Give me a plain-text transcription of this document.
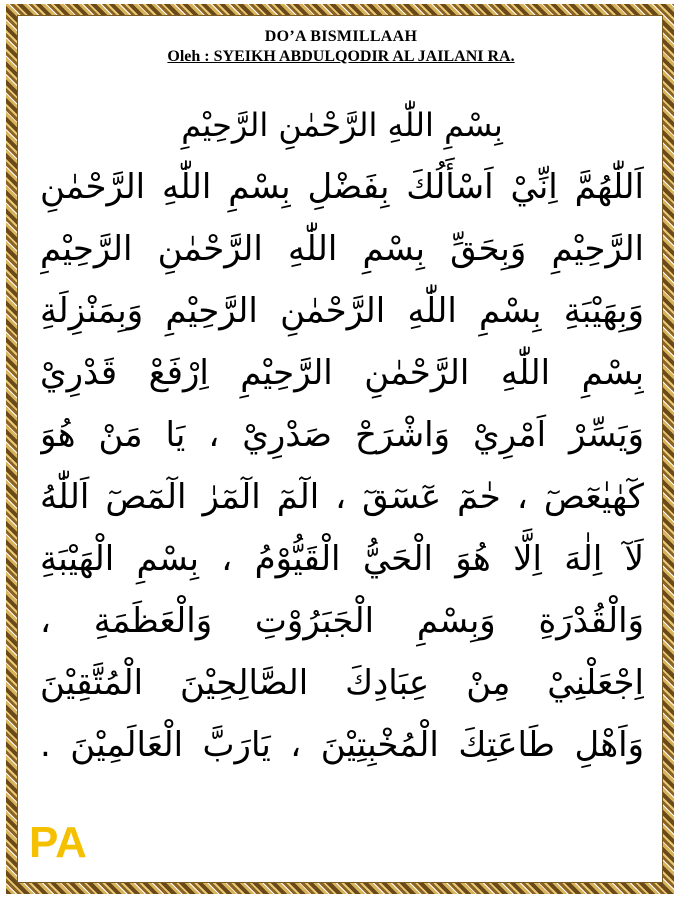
DO’A BISMILLAAH
Oleh : SYEIKH ABDULQODIR AL JAILANI RA.
بِسْمِ اللّٰهِ الرَّحْمٰنِ الرَّحِيْمِ
اَللّٰهُمَّ اِنِّيْ اَسْأَلُكَ بِفَضْلِ بِسْمِ اللّٰهِ الرَّحْمٰنِ
الرَّحِيْمِ وَبِحَقِّ بِسْمِ اللّٰهِ الرَّحْمٰنِ الرَّحِيْمِ
وَبِهَيْبَةِ بِسْمِ اللّٰهِ الرَّحْمٰنِ الرَّحِيْمِ وَبِمَنْزِلَةِ
بِسْمِ اللّٰهِ الرَّحْمٰنِ الرَّحِيْمِ اِرْفَعْ قَدْرِيْ
وَيَسِّرْ اَمْرِيْ وَاشْرَحْ صَدْرِيْ ، يَا مَنْ هُوَ
كٓهٰيٰعٓصٓ ، حٰمٓ عٓسٓقٓ ، الٓمٓ الٓمٓرٰ الٓمٓصٓ اَللّٰهُ
لَآ اِلٰهَ اِلَّا هُوَ الْحَيُّ الْقَيُّوْمُ ، بِسْمِ الْهَيْبَةِ
وَالْقُدْرَةِ وَبِسْمِ الْجَبَرُوْتِ وَالْعَظَمَةِ ،
اِجْعَلْنِيْ مِنْ عِبَادِكَ الصَّالِحِيْنَ الْمُتَّقِيْنَ
وَاَهْلِ طَاعَتِكَ الْمُخْبِتِيْنَ ، يَارَبَّ الْعَالَمِيْنَ .
PA
